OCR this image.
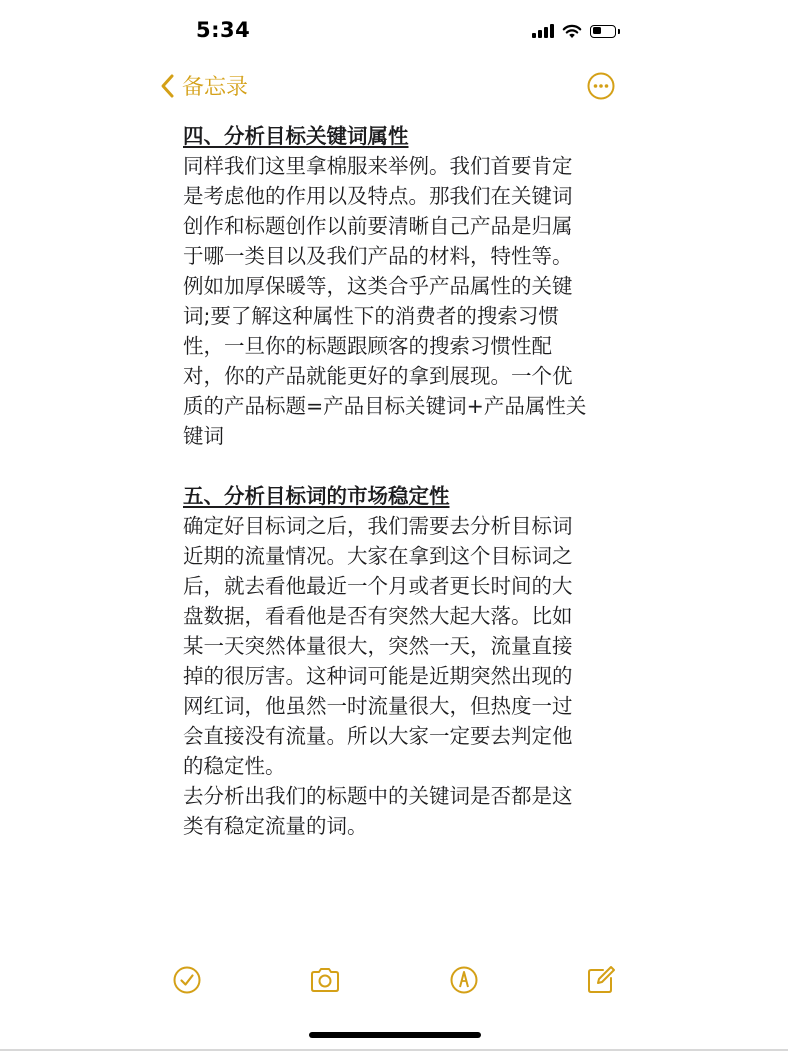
5:34
备忘录

四、分析目标关键词属性

同样我们这里拿棉服来举例。我们首要肯定

是考虑他的作用以及特点。那我们在关键词

创作和标题创作以前要清晰自己产品是归属

于哪一类目以及我们产品的材料，特性等。

例如加厚保暖等，这类合乎产品属性的关键

词;要了解这种属性下的消费者的搜索习惯

性，一旦你的标题跟顾客的搜索习惯性配

对，你的产品就能更好的拿到展现。一个优

质的产品标题=产品目标关键词+产品属性关

键词

五、分析目标词的市场稳定性

确定好目标词之后，我们需要去分析目标词

近期的流量情况。大家在拿到这个目标词之

后，就去看他最近一个月或者更长时间的大

盘数据，看看他是否有突然大起大落。比如

某一天突然体量很大，突然一天，流量直接

掉的很厉害。这种词可能是近期突然出现的

网红词，他虽然一时流量很大，但热度一过

会直接没有流量。所以大家一定要去判定他

的稳定性。

去分析出我们的标题中的关键词是否都是这

类有稳定流量的词。
